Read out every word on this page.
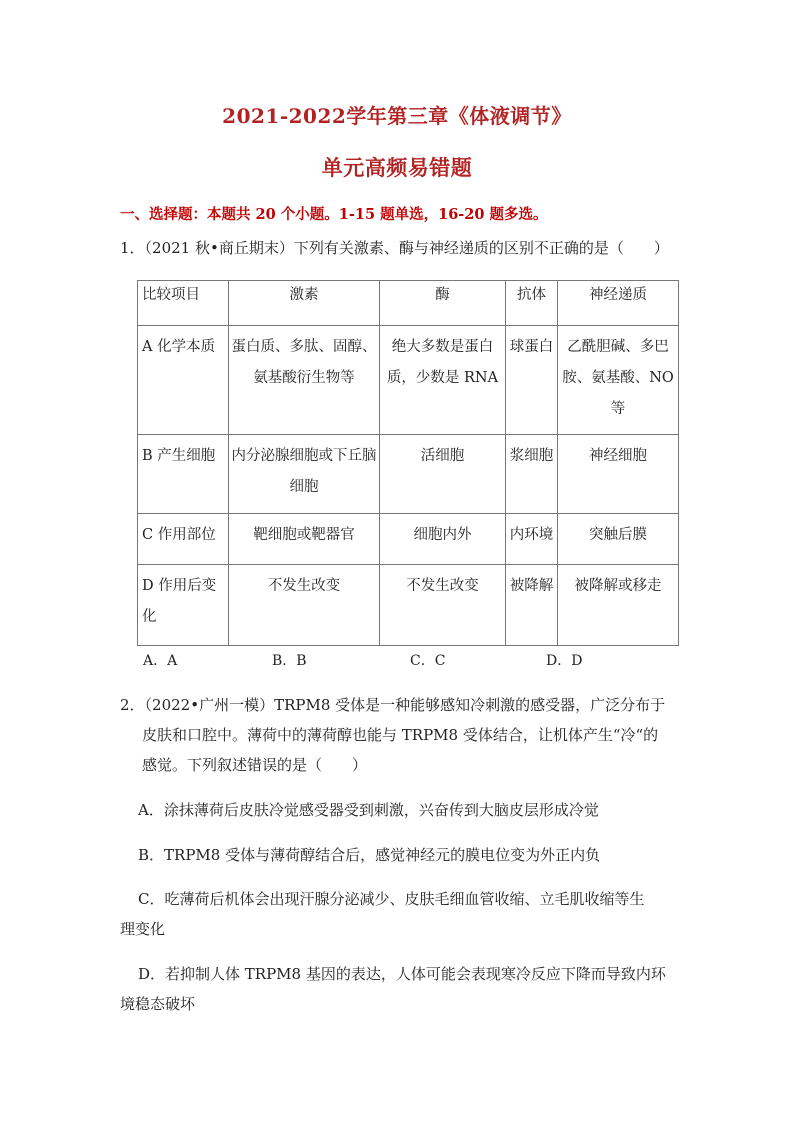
2021-2022学年第三章《体液调节》
单元高频易错题
一、选择题：本题共 20 个小题。1-15 题单选，16-20 题多选。
1．（2021 秋•商丘期末）下列有关激素、酶与神经递质的区别不正确的是（　　）
比较项目	激素	酶	抗体	神经递质
A 化学本质	蛋白质、多肽、固醇、氨基酸衍生物等	绝大多数是蛋白质，少数是 RNA	球蛋白	乙酰胆碱、多巴胺、氨基酸、NO 等
B 产生细胞	内分泌腺细胞或下丘脑细胞	活细胞	浆细胞	神经细胞
C 作用部位	靶细胞或靶器官	细胞内外	内环境	突触后膜
D 作用后变化	不发生改变	不发生改变	被降解	被降解或移走
A．A	B．B	C．C	D．D
2．（2022•广州一模）TRPM8 受体是一种能够感知冷刺激的感受器，广泛分布于
皮肤和口腔中。薄荷中的薄荷醇也能与 TRPM8 受体结合，让机体产生“冷“的
感觉。下列叙述错误的是（　　）
A．涂抹薄荷后皮肤冷觉感受器受到刺激，兴奋传到大脑皮层形成冷觉
B．TRPM8 受体与薄荷醇结合后，感觉神经元的膜电位变为外正内负
C．吃薄荷后机体会出现汗腺分泌减少、皮肤毛细血管收缩、立毛肌收缩等生
理变化
D．若抑制人体 TRPM8 基因的表达，人体可能会表现寒冷反应下降而导致内环
境稳态破坏
